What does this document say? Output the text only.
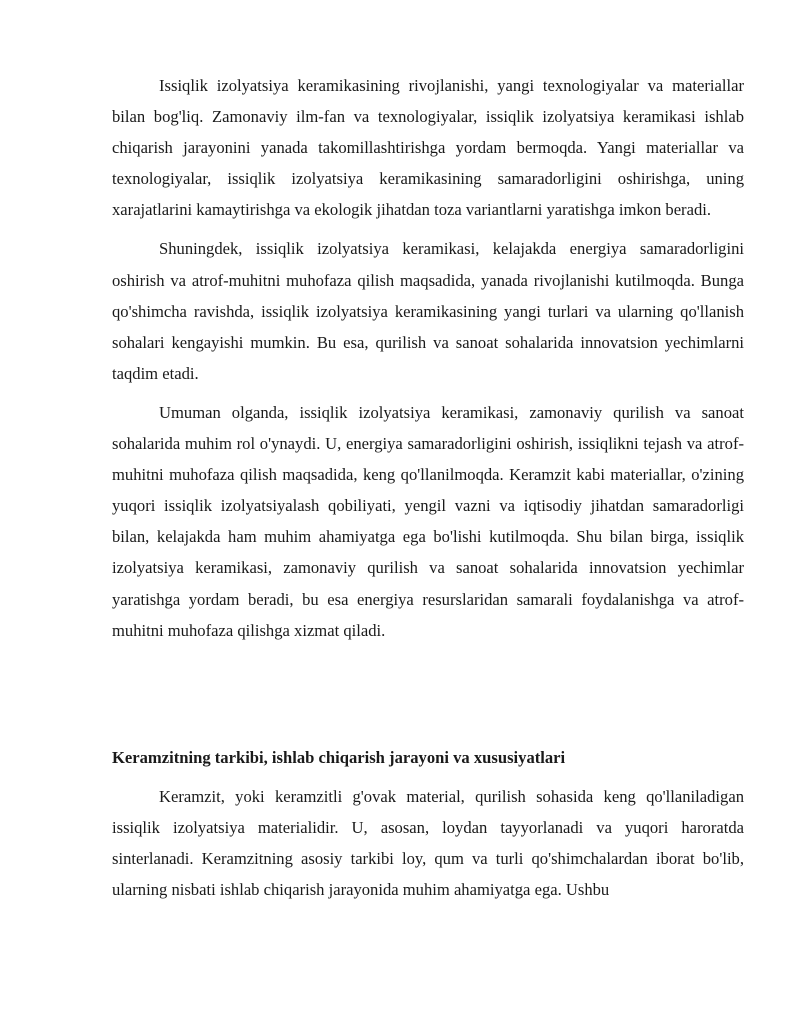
Issiqlik izolyatsiya keramikasining rivojlanishi, yangi texnologiyalar va materiallar bilan bog'liq. Zamonaviy ilm-fan va texnologiyalar, issiqlik izolyatsiya keramikasi ishlab chiqarish jarayonini yanada takomillashtirishga yordam bermoqda. Yangi materiallar va texnologiyalar, issiqlik izolyatsiya keramikasining samaradorligini oshirishga, uning xarajatlarini kamaytirishga va ekologik jihatdan toza variantlarni yaratishga imkon beradi.

Shuningdek, issiqlik izolyatsiya keramikasi, kelajakda energiya samaradorligini oshirish va atrof-muhitni muhofaza qilish maqsadida, yanada rivojlanishi kutilmoqda. Bunga qo'shimcha ravishda, issiqlik izolyatsiya keramikasining yangi turlari va ularning qo'llanish sohalari kengayishi mumkin. Bu esa, qurilish va sanoat sohalarida innovatsion yechimlarni taqdim etadi.

Umuman olganda, issiqlik izolyatsiya keramikasi, zamonaviy qurilish va sanoat sohalarida muhim rol o'ynaydi. U, energiya samaradorligini oshirish, issiqlikni tejash va atrof-muhitni muhofaza qilish maqsadida, keng qo'llanilmoqda. Keramzit kabi materiallar, o'zining yuqori issiqlik izolyatsiyalash qobiliyati, yengil vazni va iqtisodiy jihatdan samaradorligi bilan, kelajakda ham muhim ahamiyatga ega bo'lishi kutilmoqda. Shu bilan birga, issiqlik izolyatsiya keramikasi, zamonaviy qurilish va sanoat sohalarida innovatsion yechimlar yaratishga yordam beradi, bu esa energiya resurslaridan samarali foydalanishga va atrof-muhitni muhofaza qilishga xizmat qiladi.

Keramzitning tarkibi, ishlab chiqarish jarayoni va xususiyatlari

Keramzit, yoki keramzitli g'ovak material, qurilish sohasida keng qo'llaniladigan issiqlik izolyatsiya materialidir. U, asosan, loydan tayyorlanadi va yuqori haroratda sinterlanadi. Keramzitning asosiy tarkibi loy, qum va turli qo'shimchalardan iborat bo'lib, ularning nisbati ishlab chiqarish jarayonida muhim ahamiyatga ega. Ushbu
